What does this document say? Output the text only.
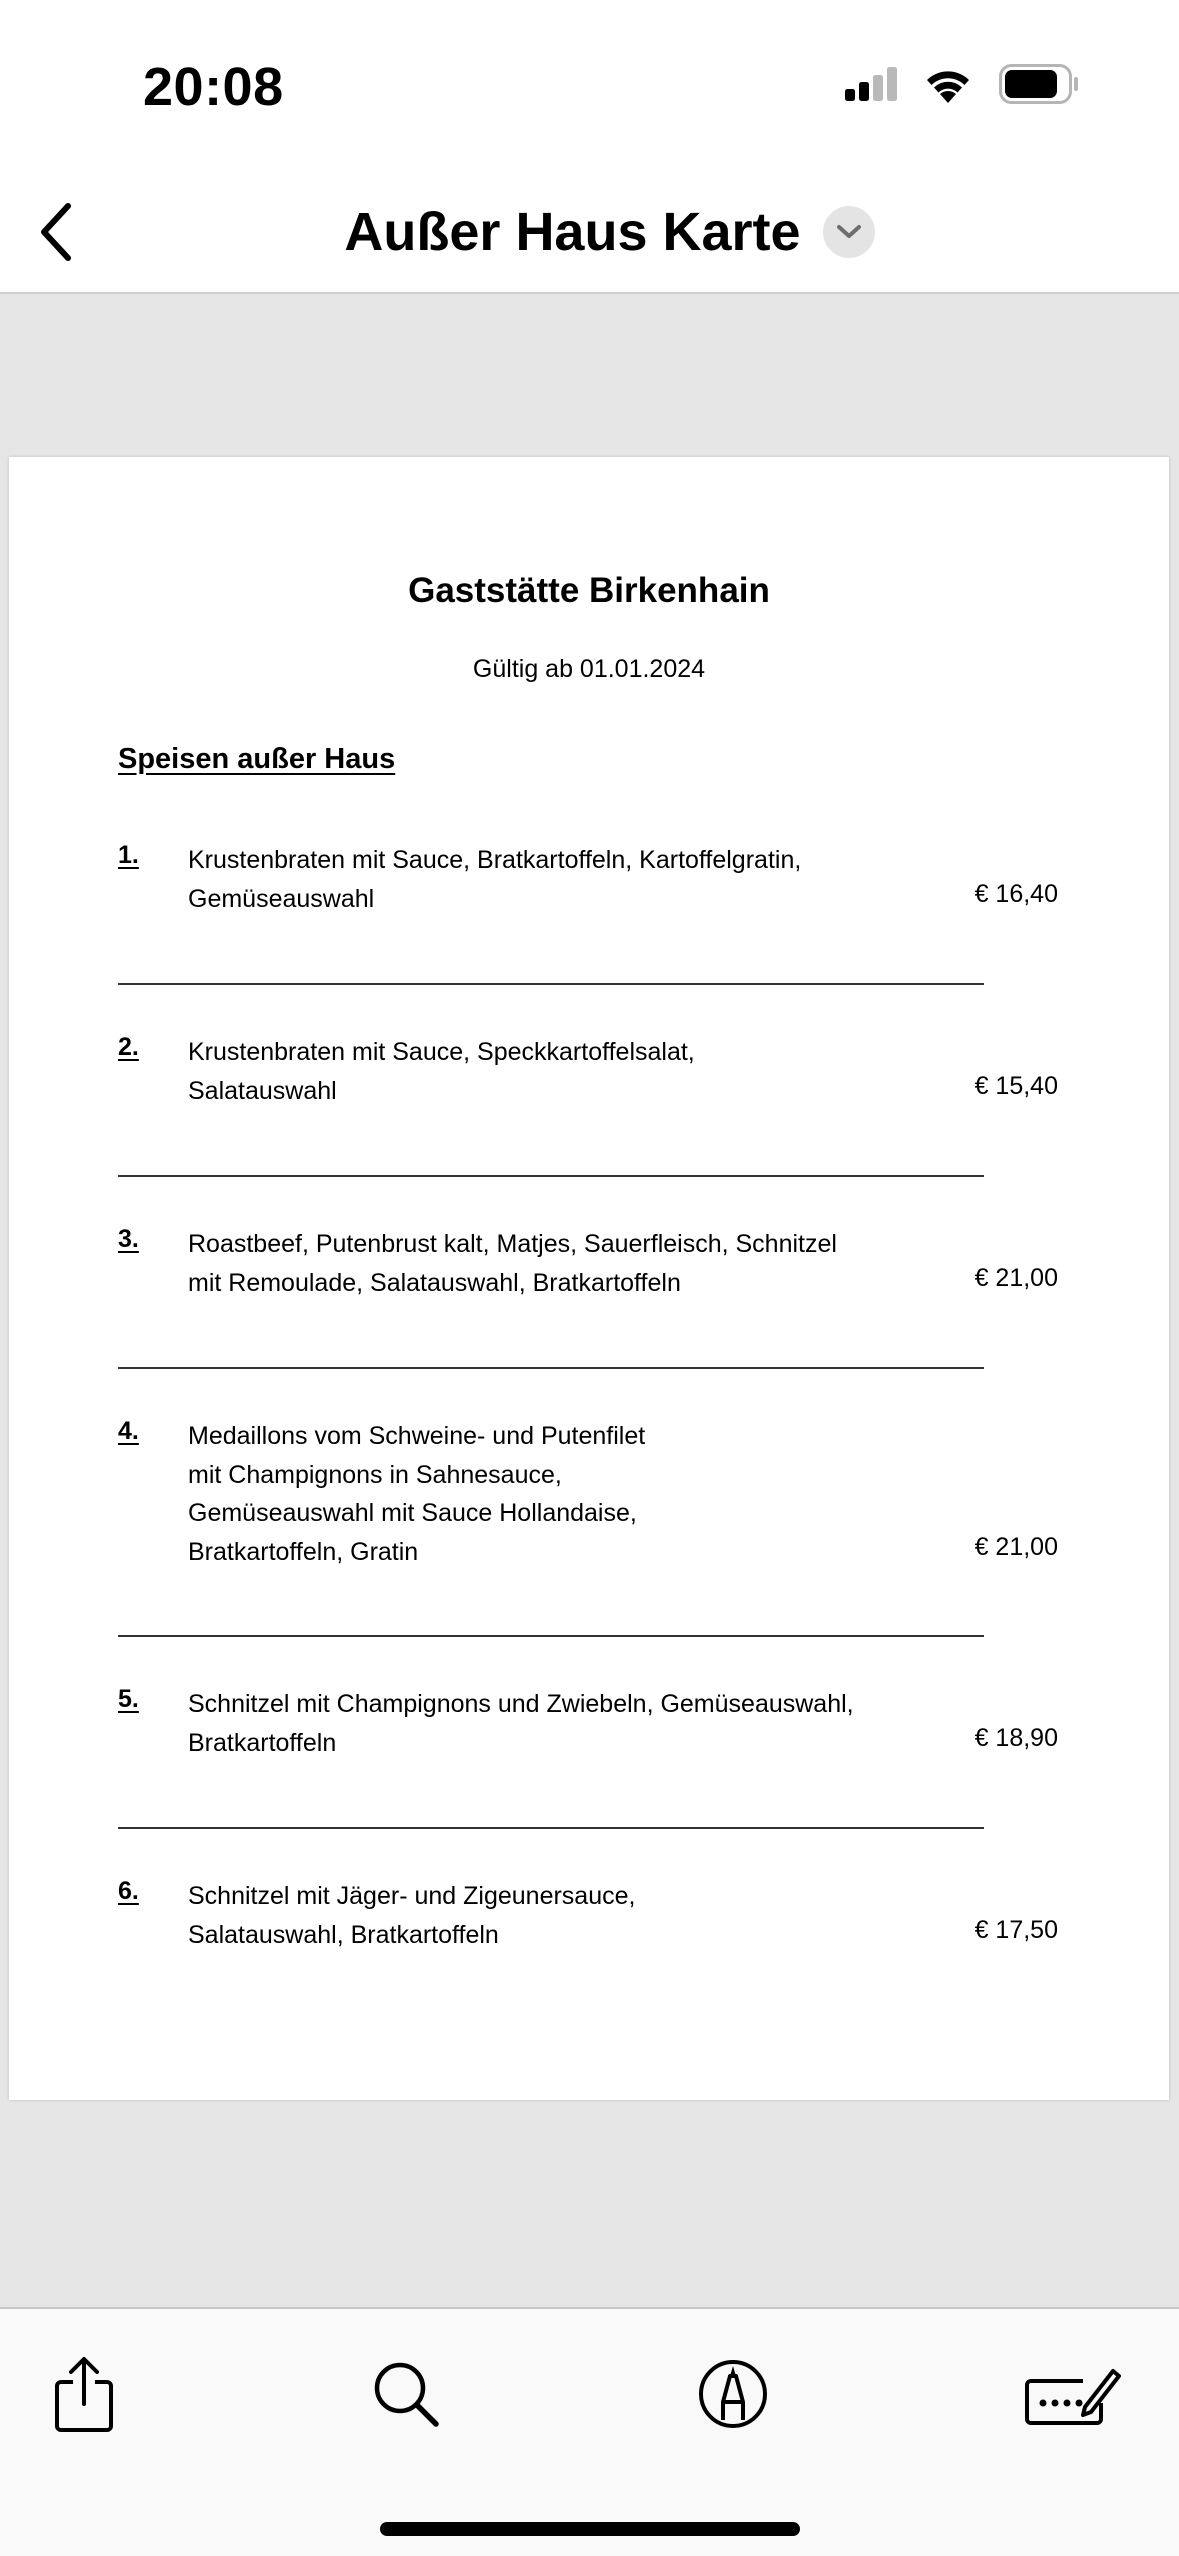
20:08
Außer Haus Karte
Gaststätte Birkenhain
Gültig ab 01.01.2024
Speisen außer Haus
1. Krustenbraten mit Sauce, Bratkartoffeln, Kartoffelgratin,
Gemüseauswahl	€ 16,40
2. Krustenbraten mit Sauce, Speckkartoffelsalat,
Salatauswahl	€ 15,40
3. Roastbeef, Putenbrust kalt, Matjes, Sauerfleisch, Schnitzel
mit Remoulade, Salatauswahl, Bratkartoffeln	€ 21,00
4. Medaillons vom Schweine- und Putenfilet
mit Champignons in Sahnesauce,
Gemüseauswahl mit Sauce Hollandaise,
Bratkartoffeln, Gratin	€ 21,00
5. Schnitzel mit Champignons und Zwiebeln, Gemüseauswahl,
Bratkartoffeln	€ 18,90
6. Schnitzel mit Jäger- und Zigeunersauce,
Salatauswahl, Bratkartoffeln	€ 17,50
